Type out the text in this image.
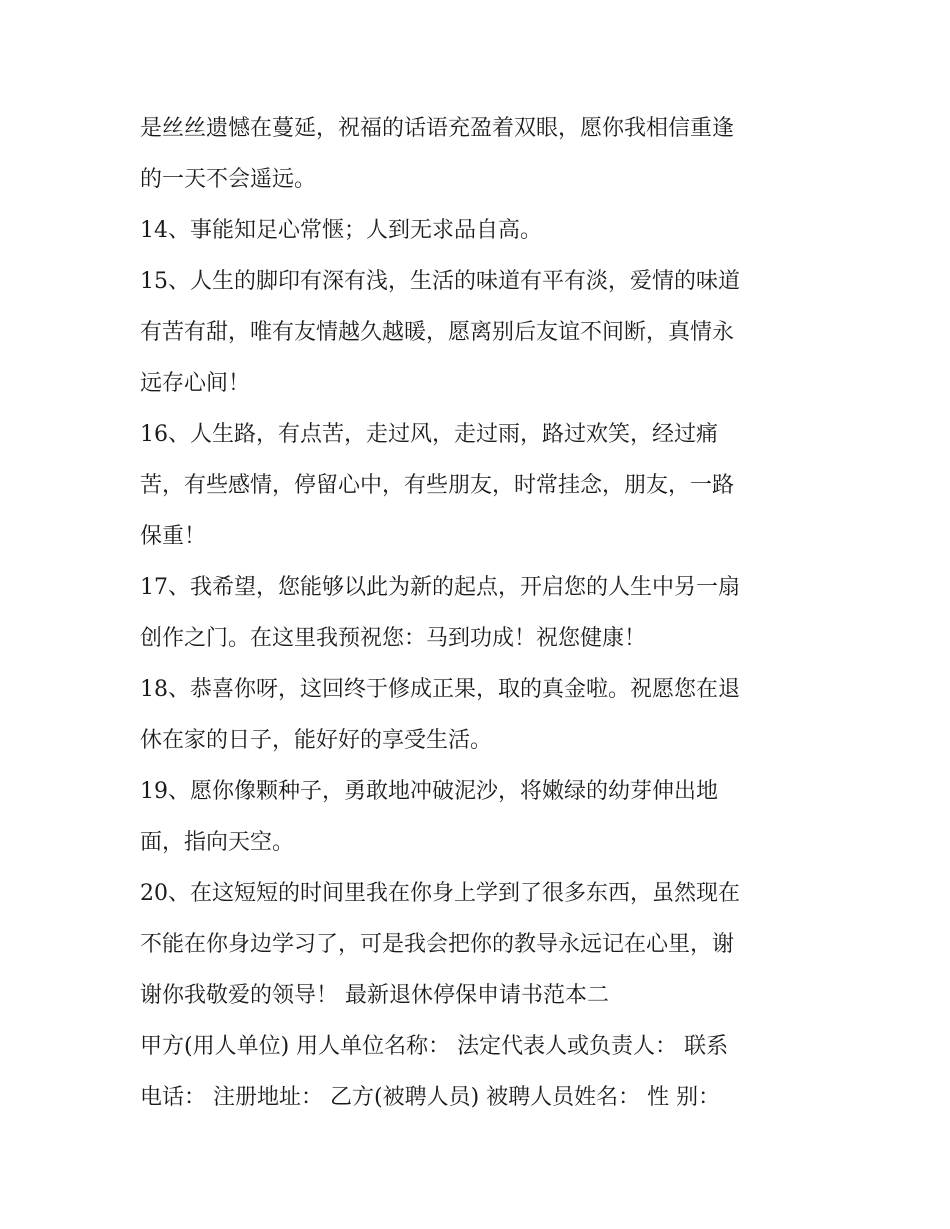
是丝丝遗憾在蔓延，祝福的话语充盈着双眼，愿你我相信重逢
的一天不会遥远。
14、事能知足心常惬；人到无求品自高。
15、人生的脚印有深有浅，生活的味道有平有淡，爱情的味道
有苦有甜，唯有友情越久越暖，愿离别后友谊不间断，真情永
远存心间！
16、人生路，有点苦，走过风，走过雨，路过欢笑，经过痛
苦，有些感情，停留心中，有些朋友，时常挂念，朋友，一路
保重！
17、我希望，您能够以此为新的起点，开启您的人生中另一扇
创作之门。在这里我预祝您：马到功成！祝您健康！
18、恭喜你呀，这回终于修成正果，取的真金啦。祝愿您在退
休在家的日子，能好好的享受生活。
19、愿你像颗种子，勇敢地冲破泥沙，将嫩绿的幼芽伸出地
面，指向天空。
20、在这短短的时间里我在你身上学到了很多东西，虽然现在
不能在你身边学习了，可是我会把你的教导永远记在心里，谢
谢你我敬爱的领导！ 最新退休停保申请书范本二
甲方(用人单位) 用人单位名称： 法定代表人或负责人： 联系
电话： 注册地址： 乙方(被聘人员) 被聘人员姓名： 性 别：
